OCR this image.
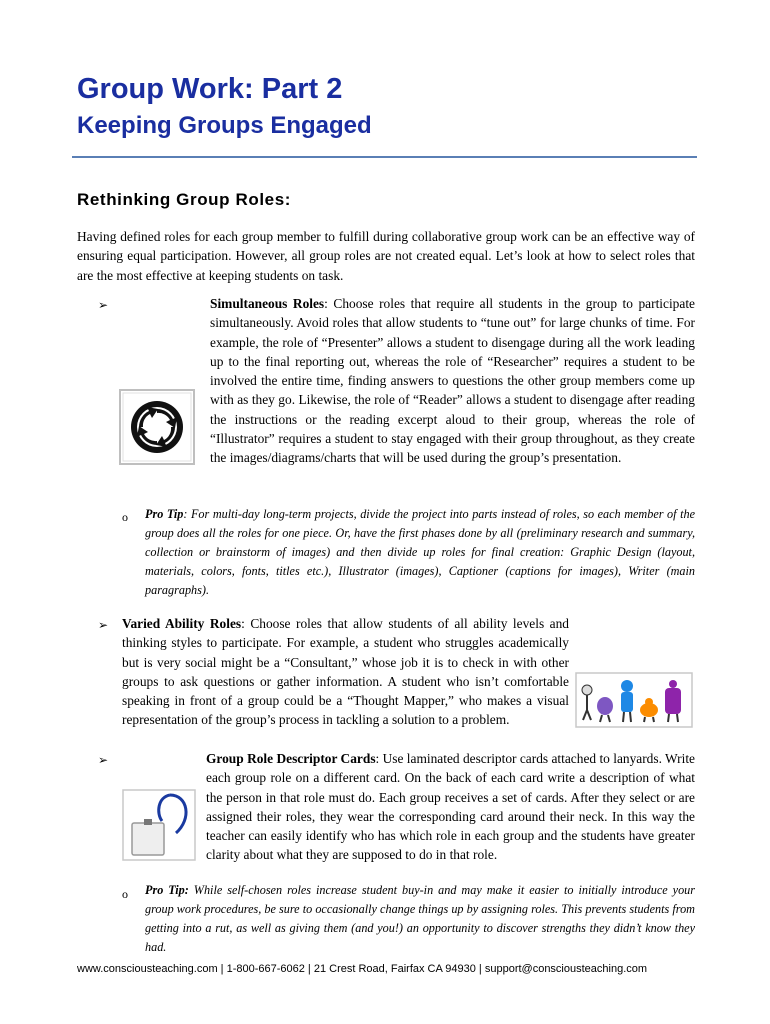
Group Work: Part 2
Keeping Groups Engaged
Rethinking Group Roles:

Having defined roles for each group member to fulfill during collaborative group work can be an effective way of ensuring equal participation. However, all group roles are not created equal. Let’s look at how to select roles that are the most effective at keeping students on task.

➢	Simultaneous Roles: Choose roles that require all students in the group to participate simultaneously. Avoid roles that allow students to “tune out” for large chunks of time. For example, the role of “Presenter” allows a student to disengage during all the work leading up to the final reporting out, whereas the role of “Researcher” requires a student to be involved the entire time, finding answers to questions the other group members come up with as they go. Likewise, the role of “Reader” allows a student to disengage after reading the instructions or the reading excerpt aloud to their group, whereas the role of “Illustrator” requires a student to stay engaged with their group throughout, as they create the images/diagrams/charts that will be used during the group’s presentation.
o Pro Tip: For multi-day long-term projects, divide the project into parts instead of roles, so each member of the group does all the roles for one piece. Or, have the first phases done by all (preliminary research and summary, collection or brainstorm of images) and then divide up roles for final creation: Graphic Design (layout, materials, colors, fonts, titles etc.), Illustrator (images), Captioner (captions for images), Writer (main paragraphs).
➢ Varied Ability Roles: Choose roles that allow students of all ability levels and thinking styles to participate. For example, a student who struggles academically but is very social might be a “Consultant,” whose job it is to check in with other groups to ask questions or gather information. A student who isn’t comfortable speaking in front of a group could be a “Thought Mapper,” who makes a visual representation of the group’s process in tackling a solution to a problem.
➢	Group Role Descriptor Cards: Use laminated descriptor cards attached to lanyards. Write each group role on a different card. On the back of each card write a description of what the person in that role must do. Each group receives a set of cards. After they select or are assigned their roles, they wear the corresponding card around their neck. In this way the teacher can easily identify who has which role in each group and the students have greater clarity about what they are supposed to do in that role.
o Pro Tip: While self-chosen roles increase student buy-in and may make it easier to initially introduce your group work procedures, be sure to occasionally change things up by assigning roles. This prevents students from getting into a rut, as well as giving them (and you!) an opportunity to discover strengths they didn’t know they had.
www.consciousteaching.com | 1-800-667-6062 | 21 Crest Road, Fairfax CA 94930 | support@consciousteaching.com
